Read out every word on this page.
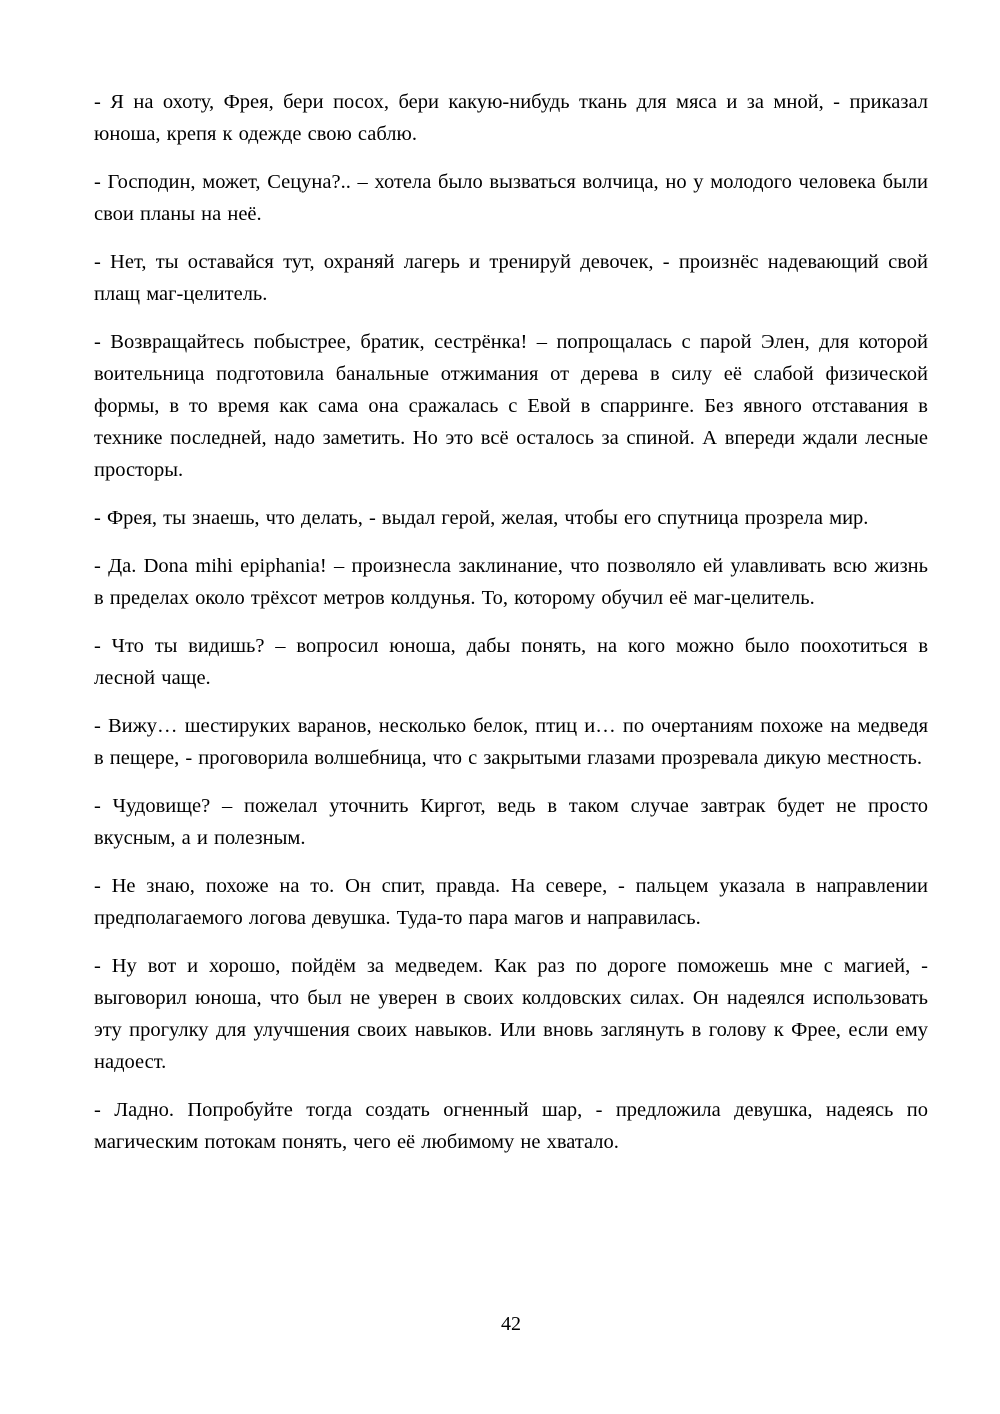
- Я на охоту, Фрея, бери посох, бери какую-нибудь ткань для мяса и за мной, - приказал юноша, крепя к одежде свою саблю.

- Господин, может, Сецуна?.. – хотела было вызваться волчица, но у молодого человека были свои планы на неё.

- Нет, ты оставайся тут, охраняй лагерь и тренируй девочек, - произнёс надевающий свой плащ маг-целитель.

- Возвращайтесь побыстрее, братик, сестрёнка! – попрощалась с парой Элен, для которой воительница подготовила банальные отжимания от дерева в силу её слабой физической формы, в то время как сама она сражалась с Евой в спарринге. Без явного отставания в технике последней, надо заметить. Но это всё осталось за спиной. А впереди ждали лесные просторы.

- Фрея, ты знаешь, что делать, - выдал герой, желая, чтобы его спутница прозрела мир.

- Да. Dona mihi epiphania! – произнесла заклинание, что позволяло ей улавливать всю жизнь в пределах около трёхсот метров колдунья. То, которому обучил её маг-целитель.

- Что ты видишь? – вопросил юноша, дабы понять, на кого можно было поохотиться в лесной чаще.

- Вижу… шестируких варанов, несколько белок, птиц и… по очертаниям похоже на медведя в пещере, - проговорила волшебница, что с закрытыми глазами прозревала дикую местность.

- Чудовище? – пожелал уточнить Киргот, ведь в таком случае завтрак будет не просто вкусным, а и полезным.

- Не знаю, похоже на то. Он спит, правда. На севере, - пальцем указала в направлении предполагаемого логова девушка. Туда-то пара магов и направилась.

- Ну вот и хорошо, пойдём за медведем. Как раз по дороге поможешь мне с магией, - выговорил юноша, что был не уверен в своих колдовских силах. Он надеялся использовать эту прогулку для улучшения своих навыков. Или вновь заглянуть в голову к Фрее, если ему надоест.

- Ладно. Попробуйте тогда создать огненный шар, - предложила девушка, надеясь по магическим потокам понять, чего её любимому не хватало.

42
